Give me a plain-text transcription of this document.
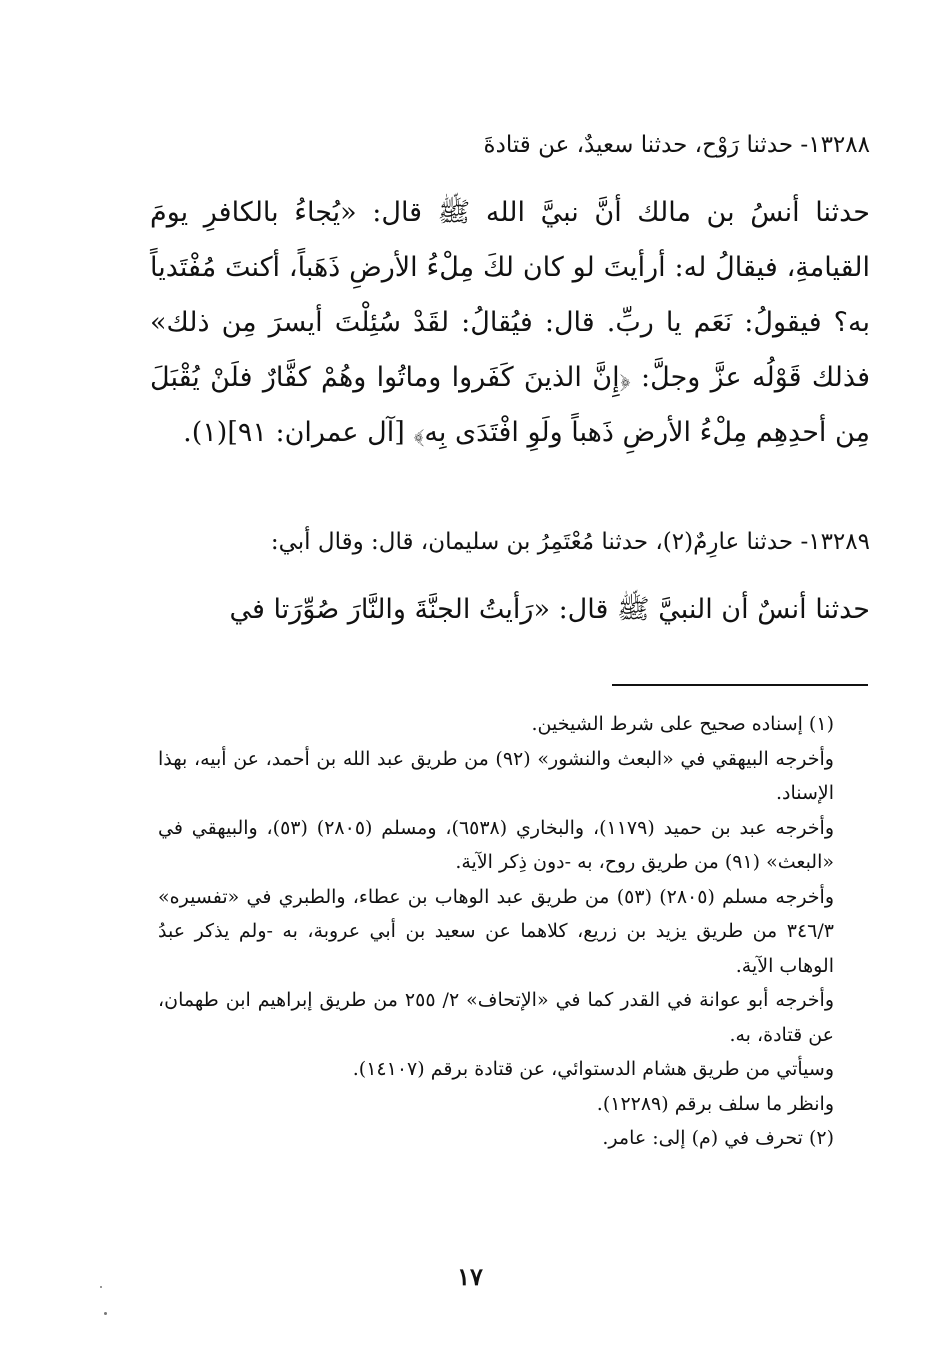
١٣٢٨٨- حدثنا رَوْح، حدثنا سعيدٌ، عن قتادةَ

حدثنا أنسُ بن مالك أنَّ نبيَّ الله ﷺ قال: «يُجاءُ بالكافرِ يومَ القيامةِ، فيقالُ له: أرأيتَ لو كان لكَ مِلْءُ الأرضِ ذَهَباً، أكنتَ مُفْتَدياً به؟ فيقولُ: نَعَم يا ربِّ. قال: فيُقالُ: لقَدْ سُئِلْتَ أيسرَ مِن ذلك» فذلك قَوْلُه عزَّ وجلَّ: ﴿إِنَّ الذينَ كَفَروا وماتُوا وهُمْ كفَّارٌ فلَنْ يُقْبَلَ مِن أحدِهِم مِلْءُ الأرضِ ذَهباً ولَوِ افْتَدَى بِه﴾ [آل عمران: ٩١](١).

١٣٢٨٩- حدثنا عارِمٌ(٢)، حدثنا مُعْتَمِرُ بن سليمان، قال: وقال أبي:

حدثنا أنسٌ أن النبيَّ ﷺ قال: «رَأيتُ الجنَّةَ والنَّارَ صُوِّرَتا في

(١) إسناده صحيح على شرط الشيخين.

وأخرجه البيهقي في «البعث والنشور» (٩٢) من طريق عبد الله بن أحمد، عن أبيه، بهذا الإسناد.

وأخرجه عبد بن حميد (١١٧٩)، والبخاري (٦٥٣٨)، ومسلم (٢٨٠٥) (٥٣)، والبيهقي في «البعث» (٩١) من طريق روح، به -دون ذِكر الآية.

وأخرجه مسلم (٢٨٠٥) (٥٣) من طريق عبد الوهاب بن عطاء، والطبري في «تفسيره» ٣٤٦/٣ من طريق يزيد بن زريع، كلاهما عن سعيد بن أبي عروبة، به -ولم يذكر عبدُ الوهاب الآية.

وأخرجه أبو عوانة في القدر كما في «الإتحاف» ٢/ ٢٥٥ من طريق إبراهيم ابن طهمان، عن قتادة، به.

وسيأتي من طريق هشام الدستوائي، عن قتادة برقم (١٤١٠٧).

وانظر ما سلف برقم (١٢٢٨٩).

(٢) تحرف في (م) إلى: عامر.

١٧
